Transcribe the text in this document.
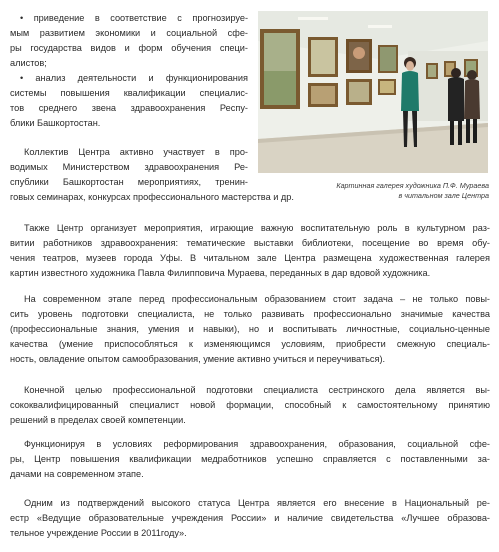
• приведение в соответствие с прогнозируе-
мым развитием экономики и социальной сфе-
ры государства видов и форм обучения специ-
алистов;
• анализ деятельности и функционирования
системы повышения квалификации специалис-
тов среднего звена здравоохранения Респу-
блики Башкортостан.
Картинная галерея художника П.Ф. Мураева
в читальном зале Центра
Коллектив Центра активно участвует в про-
водимых Министерством здравоохранения Ре-
спублики Башкортостан мероприятиях, тренин-
говых семинарах, конкурсах профессионального мастерства и др.
Также Центр организует мероприятия, играющие важную воспитательную роль в культурном раз-
витии работников здравоохранения: тематические выставки библиотеки, посещение во время обу-
чения театров, музеев города Уфы. В читальном зале Центра размещена художественная галерея
картин известного художника Павла Филипповича Мураева, переданных в дар вдовой художника.
На современном этапе перед профессиональным образованием стоит задача – не только повы-
сить уровень подготовки специалиста, не только развивать профессионально значимые качества
(профессиональные знания, умения и навыки), но и воспитывать личностные, социально-ценные
качества (умение приспособляться к изменяющимся условиям, приобрести смежную специаль-
ность, овладение опытом самообразования, умение активно учиться и переучиваться).
Конечной целью профессиональной подготовки специалиста сестринского дела является вы-
сококвалифицированный специалист новой формации, способный к самостоятельному принятию
решений в пределах своей компетенции.
Функционируя в условиях реформирования здравоохранения, образования, социальной сфе-
ры, Центр повышения квалификации медработников успешно справляется с поставленными за-
дачами на современном этапе.
Одним из подтверждений высокого статуса Центра является его внесение в Национальный ре-
естр «Ведущие образовательные учреждения России» и наличие свидетельства «Лучшее образова-
тельное учреждение России в 2011году».
